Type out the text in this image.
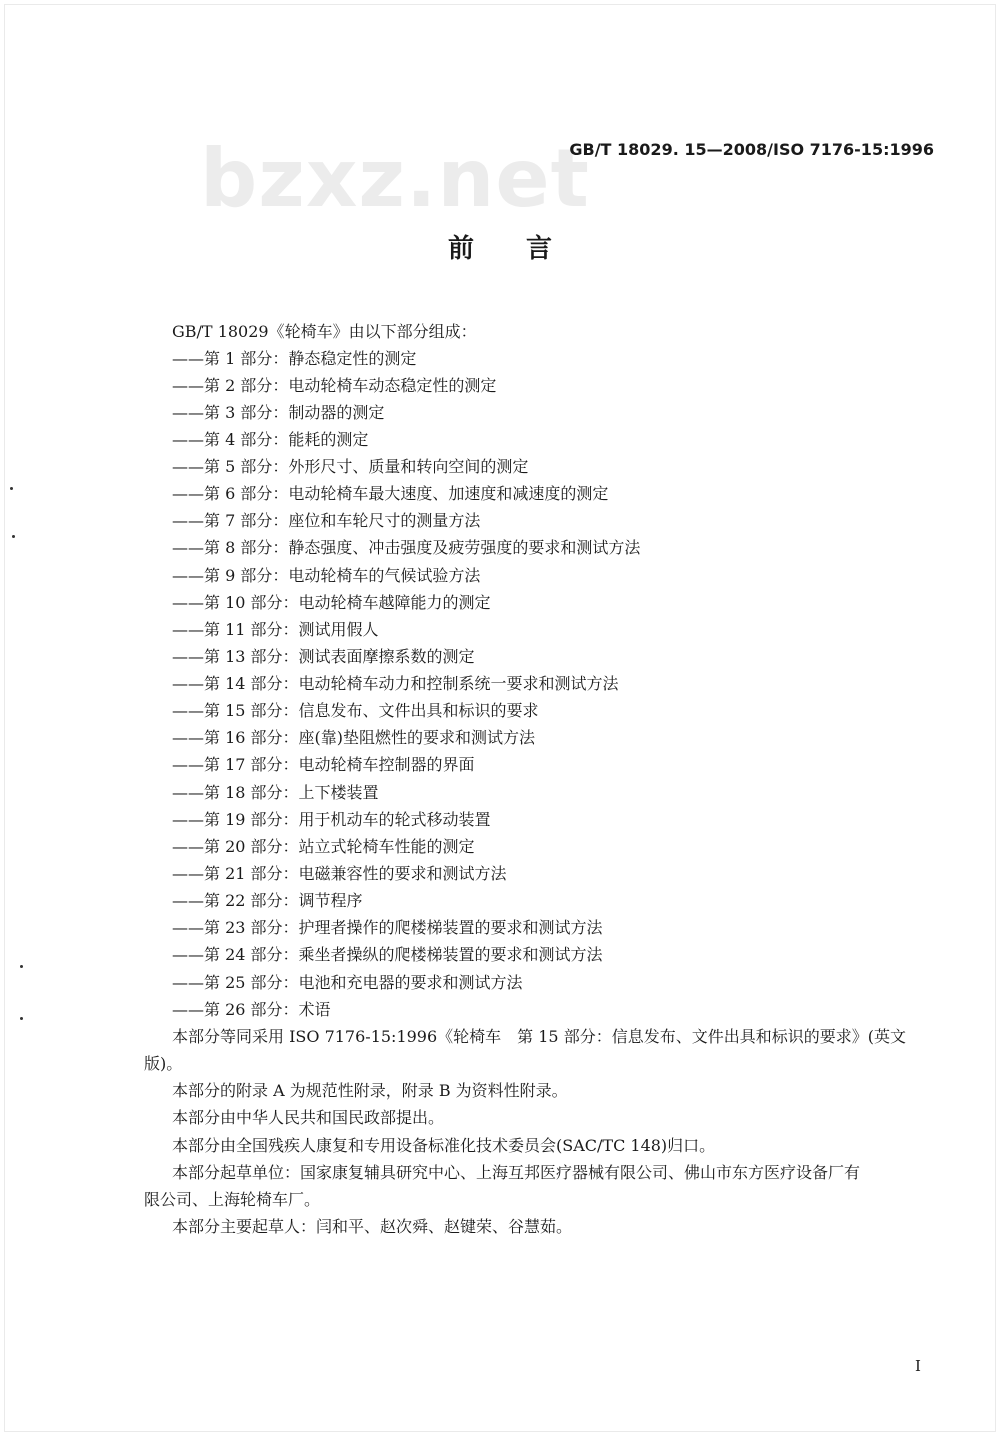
bzxz.net
GB/T 18029. 15—2008/ISO 7176-15:1996
前言
GB/T 18029《轮椅车》由以下部分组成：
——第 1 部分：静态稳定性的测定
——第 2 部分：电动轮椅车动态稳定性的测定
——第 3 部分：制动器的测定
——第 4 部分：能耗的测定
——第 5 部分：外形尺寸、质量和转向空间的测定
——第 6 部分：电动轮椅车最大速度、加速度和减速度的测定
——第 7 部分：座位和车轮尺寸的测量方法
——第 8 部分：静态强度、冲击强度及疲劳强度的要求和测试方法
——第 9 部分：电动轮椅车的气候试验方法
——第 10 部分：电动轮椅车越障能力的测定
——第 11 部分：测试用假人
——第 13 部分：测试表面摩擦系数的测定
——第 14 部分：电动轮椅车动力和控制系统一要求和测试方法
——第 15 部分：信息发布、文件出具和标识的要求
——第 16 部分：座(靠)垫阻燃性的要求和测试方法
——第 17 部分：电动轮椅车控制器的界面
——第 18 部分：上下楼装置
——第 19 部分：用于机动车的轮式移动装置
——第 20 部分：站立式轮椅车性能的测定
——第 21 部分：电磁兼容性的要求和测试方法
——第 22 部分：调节程序
——第 23 部分：护理者操作的爬楼梯装置的要求和测试方法
——第 24 部分：乘坐者操纵的爬楼梯装置的要求和测试方法
——第 25 部分：电池和充电器的要求和测试方法
——第 26 部分：术语
本部分等同采用 ISO 7176-15:1996《轮椅车　第 15 部分：信息发布、文件出具和标识的要求》(英文
版)。
本部分的附录 A 为规范性附录，附录 B 为资料性附录。
本部分由中华人民共和国民政部提出。
本部分由全国残疾人康复和专用设备标准化技术委员会(SAC/TC 148)归口。
本部分起草单位：国家康复辅具研究中心、上海互邦医疗器械有限公司、佛山市东方医疗设备厂有
限公司、上海轮椅车厂。
本部分主要起草人：闫和平、赵次舜、赵键荣、谷慧茹。
I
